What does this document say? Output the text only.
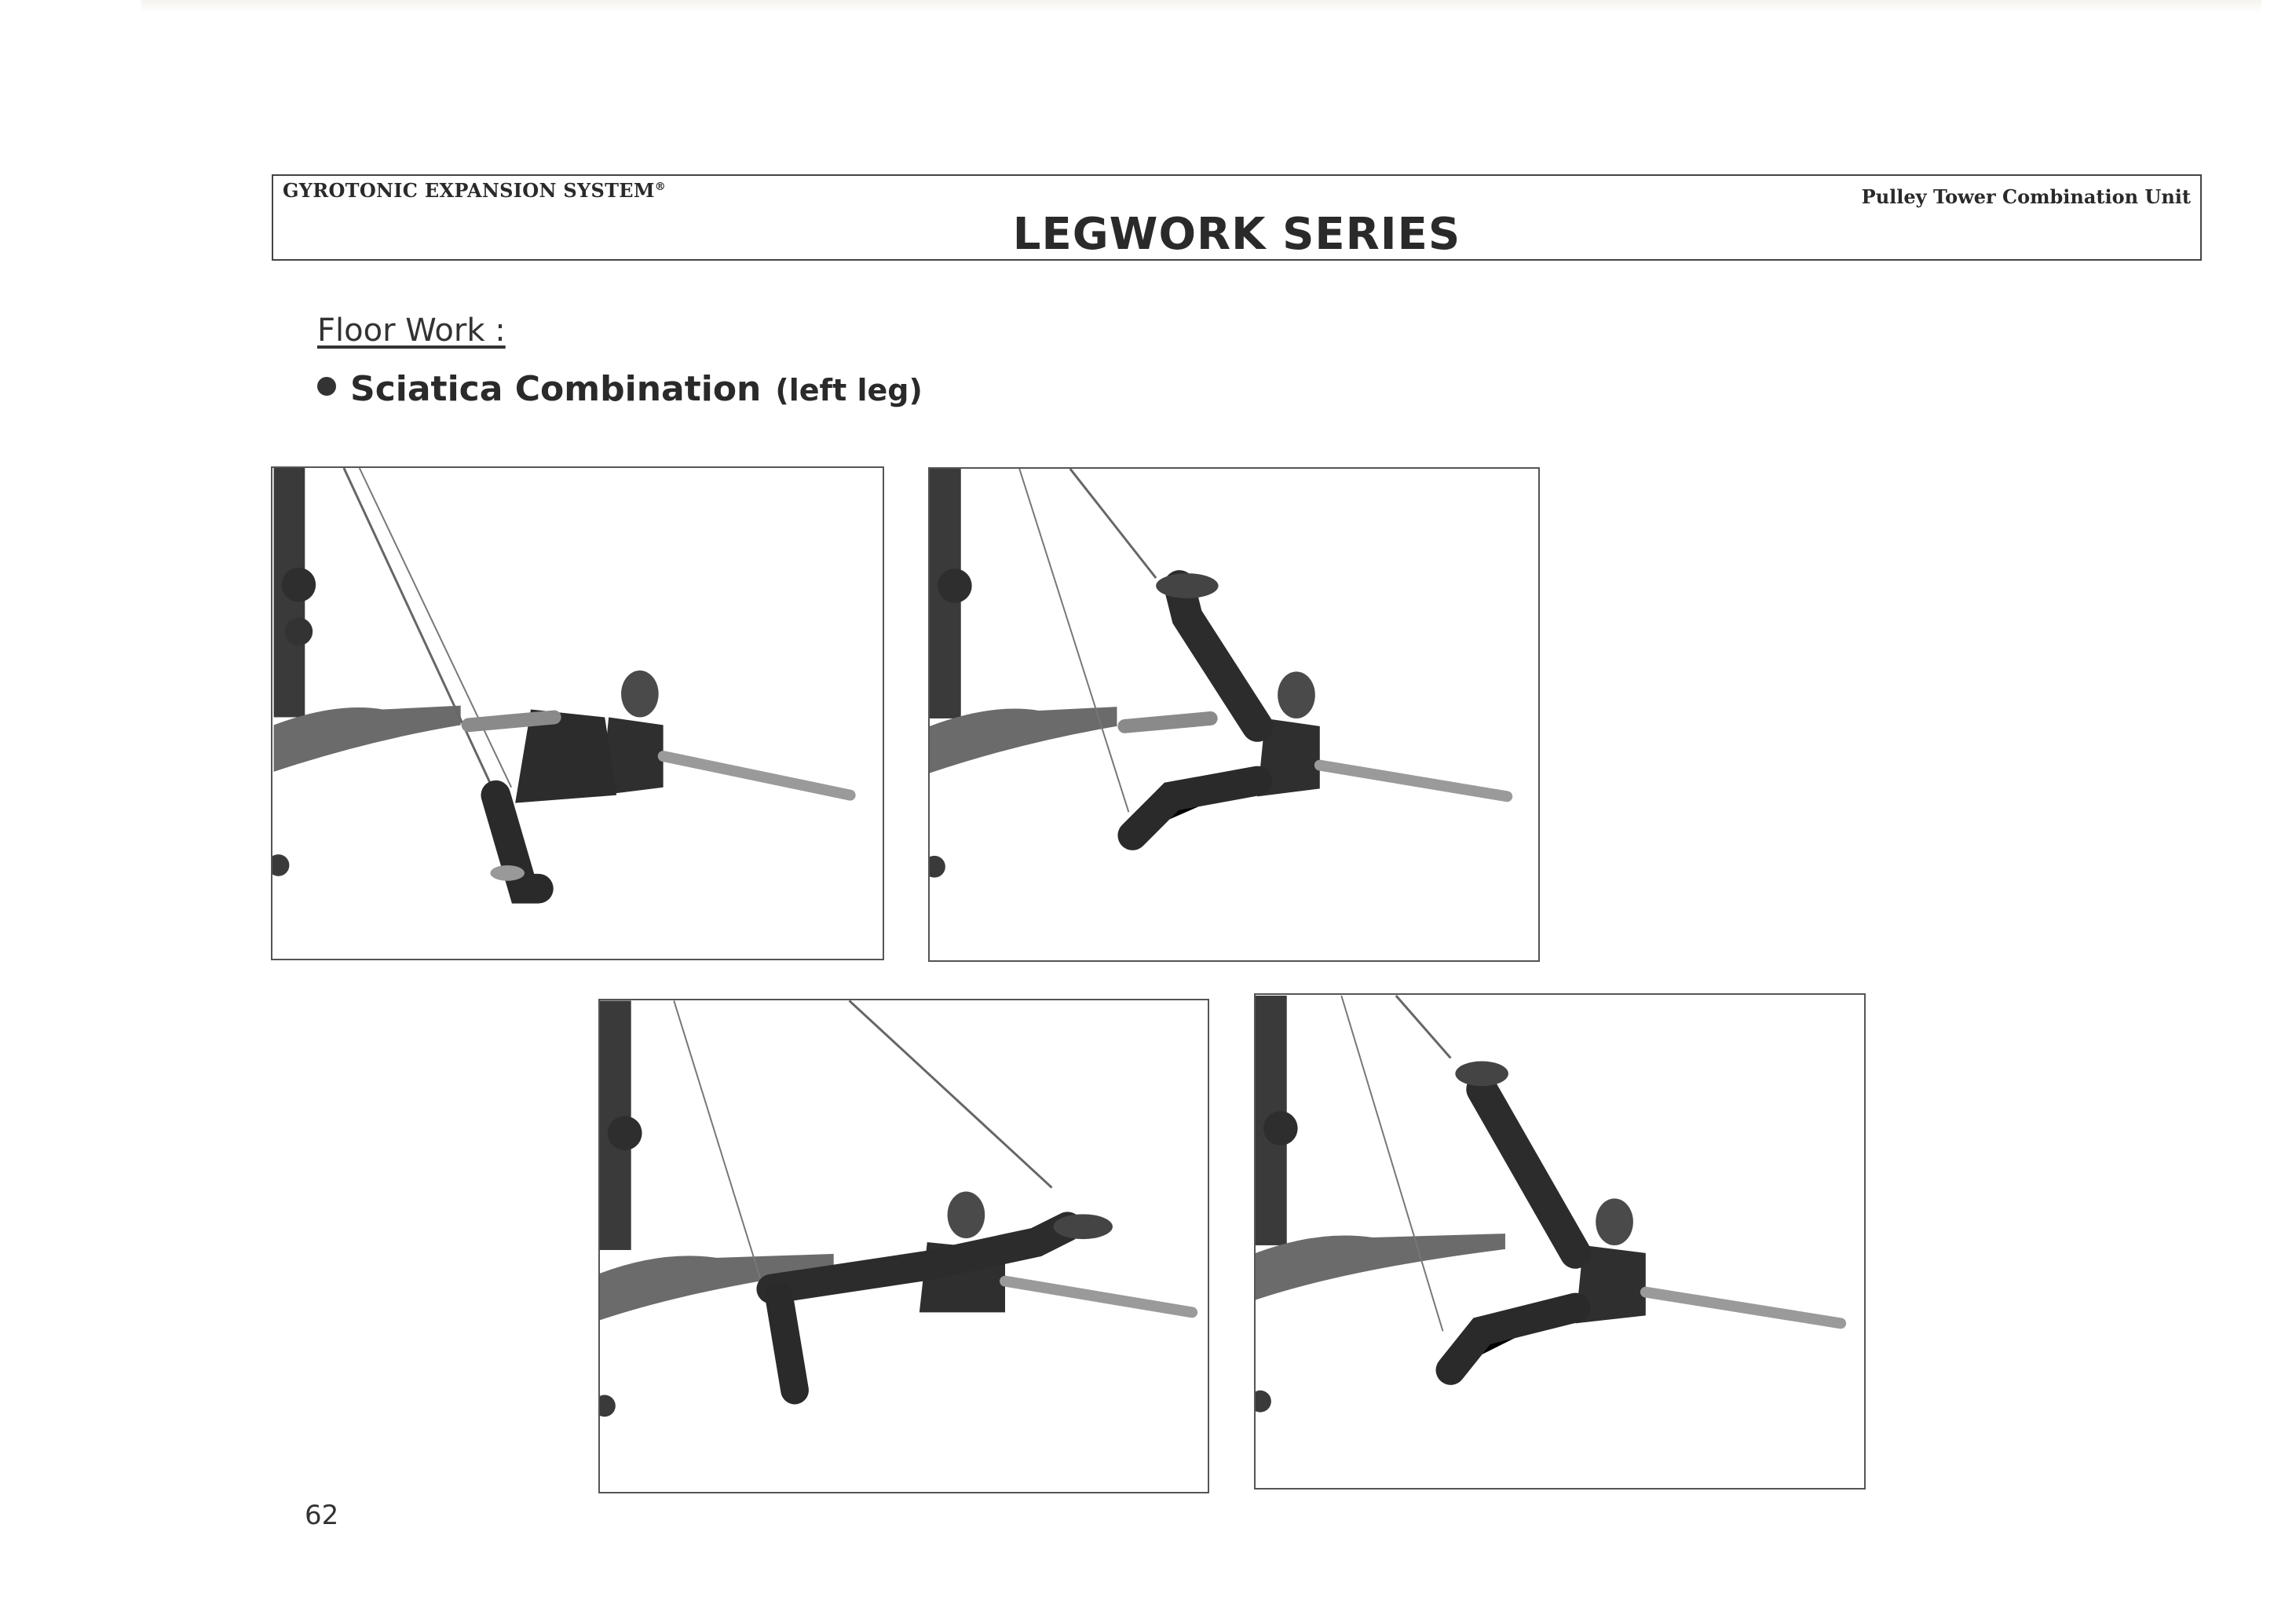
GYROTONIC EXPANSION SYSTEM®	Pulley Tower Combination Unit
LEGWORK SERIES
Floor Work :
Sciatica Combination (left leg)
62
